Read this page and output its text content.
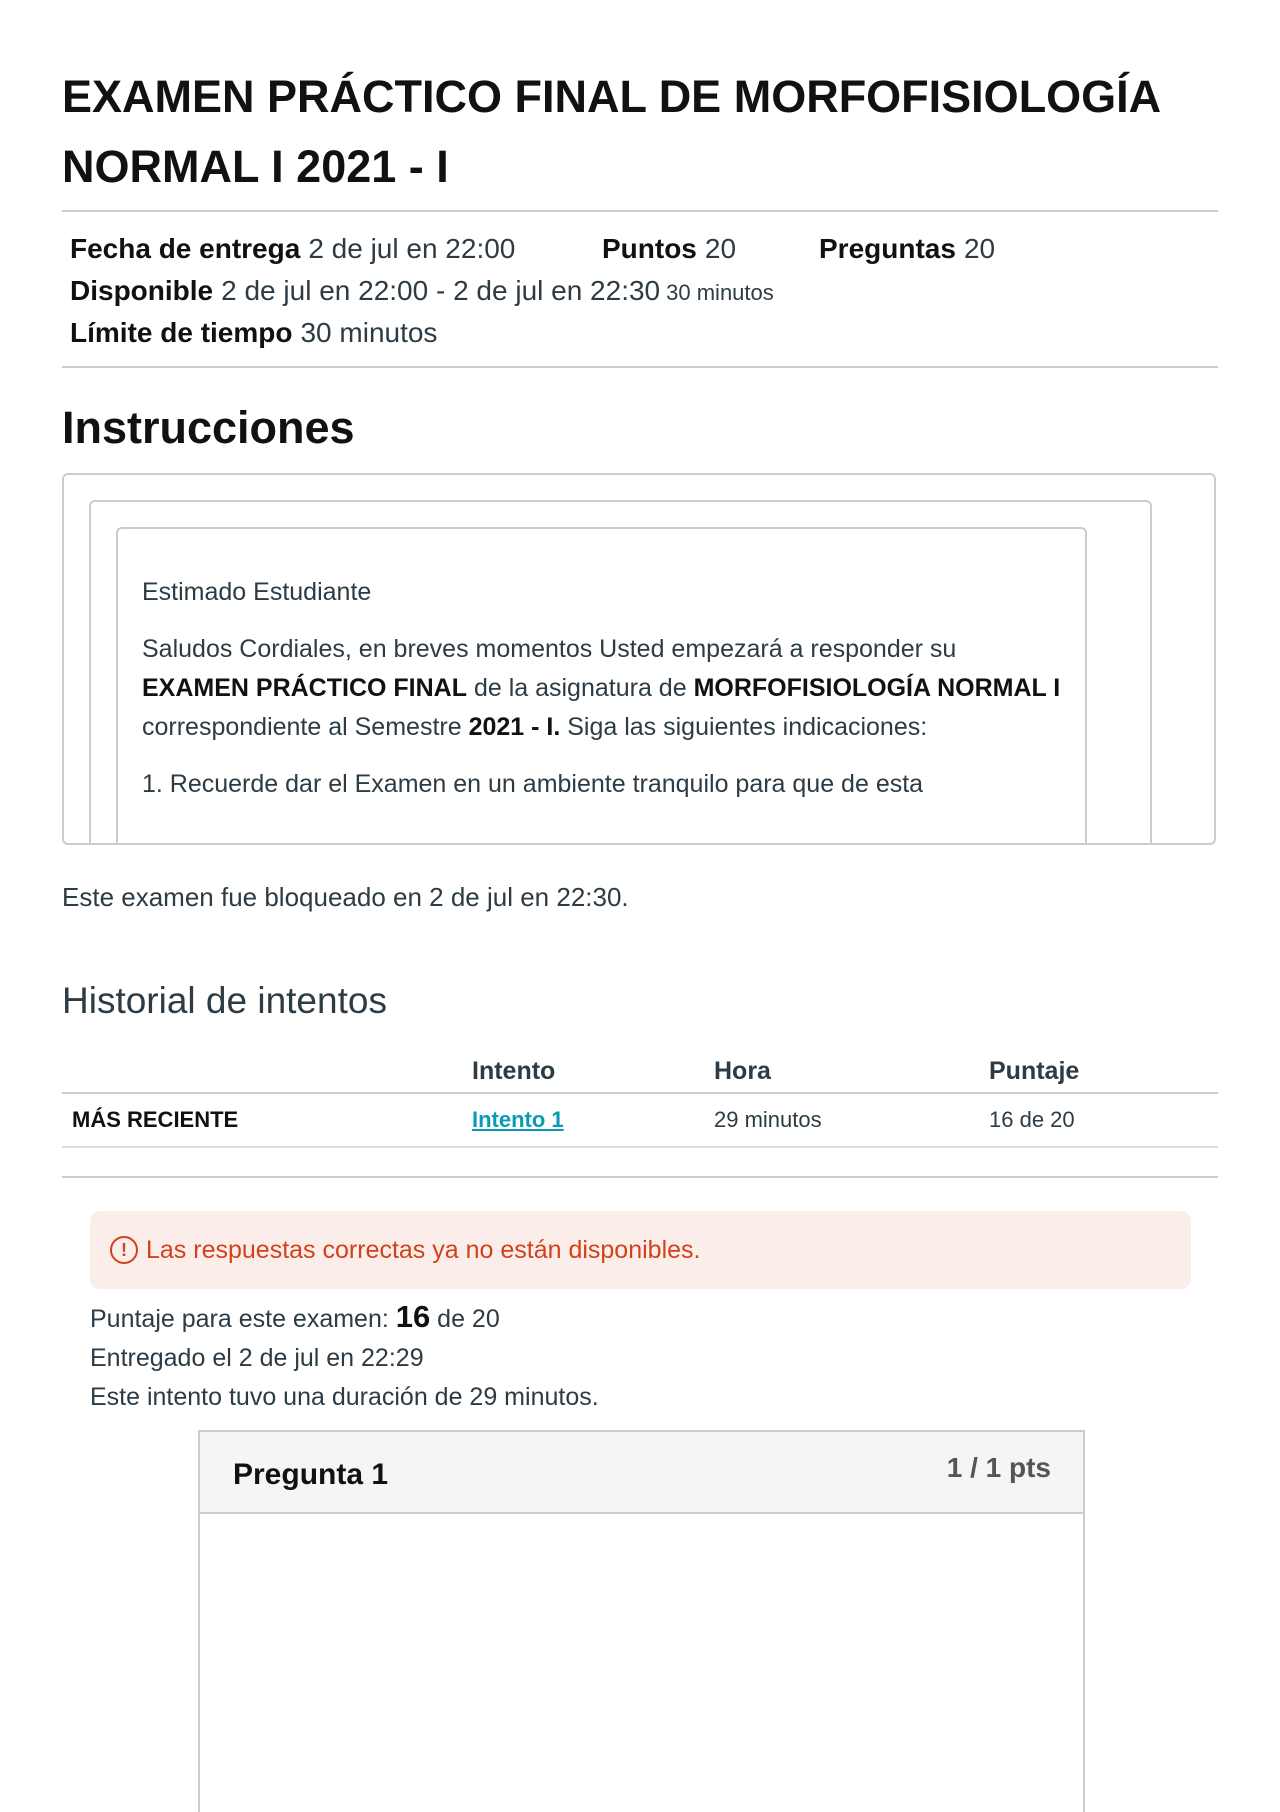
EXAMEN PRÁCTICO FINAL DE MORFOFISIOLOGÍA NORMAL I 2021 - I
Fecha de entrega 2 de jul en 22:00	Puntos 20	Preguntas 20
Disponible 2 de jul en 22:00 - 2 de jul en 22:30 30 minutos
Límite de tiempo 30 minutos
Instrucciones

Estimado Estudiante

Saludos Cordiales, en breves momentos Usted empezará a responder su EXAMEN PRÁCTICO FINAL de la asignatura de MORFOFISIOLOGÍA NORMAL I correspondiente al Semestre 2021 - I. Siga las siguientes indicaciones:

1. Recuerde dar el Examen en un ambiente tranquilo para que de esta

Este examen fue bloqueado en 2 de jul en 22:30.
Historial de intentos
	Intento	Hora	Puntaje
MÁS RECIENTE	Intento 1	29 minutos	16 de 20
! Las respuestas correctas ya no están disponibles.
Puntaje para este examen: 16 de 20
Entregado el 2 de jul en 22:29
Este intento tuvo una duración de 29 minutos.
Pregunta 1	1 / 1 pts
